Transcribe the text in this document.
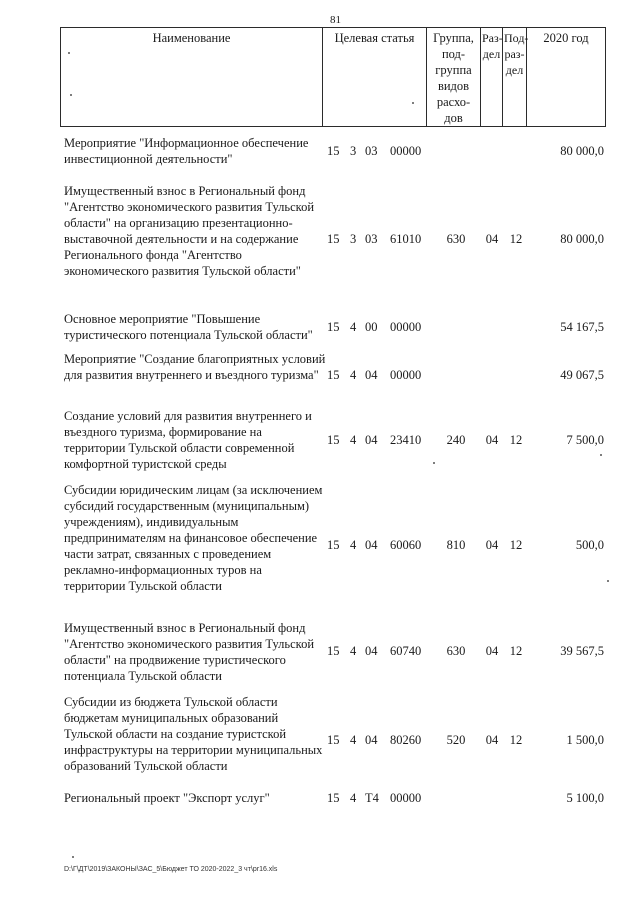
81
Наименование	Целевая статья	Группа, под-группа видов расхо-дов	Раз-дел	Под-раз-дел	2020 год
Мероприятие "Информационное обеспечение инвестиционной деятельности"
15 3 03	00000	80 000,0
Имущественный взнос в Региональный фонд "Агентство экономического развития Тульской области" на организацию презентационно-выставочной деятельности и на содержание Регионального фонда "Агентство экономического развития Тульской области"
15 3 03	61010	630	04 12	80 000,0
Основное мероприятие "Повышение туристического потенциала Тульской области"
15 4 00	00000	54 167,5
Мероприятие "Создание благоприятных условий для развития внутреннего и въездного туризма" 15 4 04	00000	49 067,5
Создание условий для развития внутреннего и въездного туризма, формирование на территории Тульской области современной комфортной туристской среды
15 4 04	23410	240	04 12	7 500,0
Субсидии юридическим лицам (за исключением субсидий государственным (муниципальным) учреждениям), индивидуальным предпринимателям на финансовое обеспечение части затрат, связанных с проведением рекламно-информационных туров на территории Тульской области
15 4 04	60060	810	04 12	500,0
Имущественный взнос в Региональный фонд "Агентство экономического развития Тульской области" на продвижение туристического потенциала Тульской области
15 4 04	60740	630	04 12	39 567,5
Субсидии из бюджета Тульской области бюджетам муниципальных образований Тульской области на создание туристской инфраструктуры на территории муниципальных образований Тульской области
15 4 04	80260	520	04 12	1 500,0
Региональный проект "Экспорт услуг"	15 4 T4 00000	5 100,0
D:\Г\ДТ\2019\ЗАКОНЫ\ЗАС_5\Бюджет ТО 2020-2022_3 чт\рr16.xls
